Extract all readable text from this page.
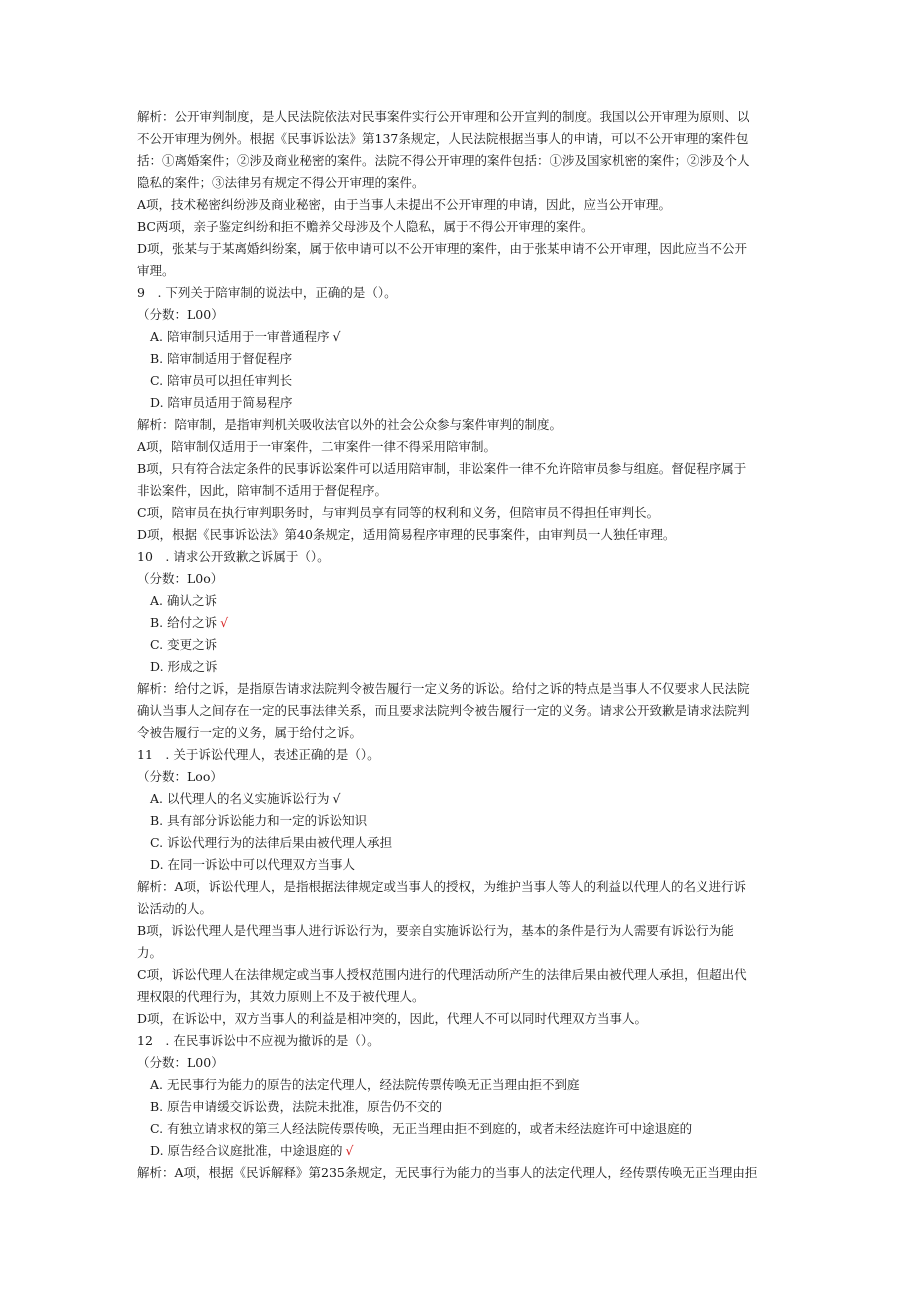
解析：公开审判制度，是人民法院依法对民事案件实行公开审理和公开宣判的制度。我国以公开审理为原则、以
不公开审理为例外。根据《民事诉讼法》第137条规定，人民法院根据当事人的申请，可以不公开审理的案件包
括：①离婚案件；②涉及商业秘密的案件。法院不得公开审理的案件包括：①涉及国家机密的案件；②涉及个人
隐私的案件；③法律另有规定不得公开审理的案件。
A项，技术秘密纠纷涉及商业秘密，由于当事人未提出不公开审理的申请，因此，应当公开审理。
BC两项，亲子鉴定纠纷和拒不赡养父母涉及个人隐私，属于不得公开审理的案件。
D项，张某与于某离婚纠纷案，属于依申请可以不公开审理的案件，由于张某申请不公开审理，因此应当不公开
审理。
9　. 下列关于陪审制的说法中，正确的是（）。
（分数：L00）
A. 陪审制只适用于一审普通程序 √
B. 陪审制适用于督促程序
C. 陪审员可以担任审判长
D. 陪审员适用于简易程序
解析：陪审制，是指审判机关吸收法官以外的社会公众参与案件审判的制度。
A项，陪审制仅适用于一审案件，二审案件一律不得采用陪审制。
B项，只有符合法定条件的民事诉讼案件可以适用陪审制，非讼案件一律不允许陪审员参与组庭。督促程序属于
非讼案件，因此，陪审制不适用于督促程序。
C项，陪审员在执行审判职务时，与审判员享有同等的权利和义务，但陪审员不得担任审判长。
D项，根据《民事诉讼法》第40条规定，适用简易程序审理的民事案件，由审判员一人独任审理。
10　. 请求公开致歉之诉属于（）。
（分数：L0o）
A. 确认之诉
B. 给付之诉 √
C. 变更之诉
D. 形成之诉
解析：给付之诉，是指原告请求法院判令被告履行一定义务的诉讼。给付之诉的特点是当事人不仅要求人民法院
确认当事人之间存在一定的民事法律关系，而且要求法院判令被告履行一定的义务。请求公开致歉是请求法院判
令被告履行一定的义务，属于给付之诉。
11　. 关于诉讼代理人，表述正确的是（）。
（分数：Loo）
A. 以代理人的名义实施诉讼行为 √
B. 具有部分诉讼能力和一定的诉讼知识
C. 诉讼代理行为的法律后果由被代理人承担
D. 在同一诉讼中可以代理双方当事人
解析：A项，诉讼代理人，是指根据法律规定或当事人的授权，为维护当事人等人的利益以代理人的名义进行诉
讼活动的人。
B项，诉讼代理人是代理当事人进行诉讼行为，要亲自实施诉讼行为，基本的条件是行为人需要有诉讼行为能
力。
C项，诉讼代理人在法律规定或当事人授权范围内进行的代理活动所产生的法律后果由被代理人承担，但超出代
理权限的代理行为，其效力原则上不及于被代理人。
D项，在诉讼中，双方当事人的利益是相冲突的，因此，代理人不可以同时代理双方当事人。
12　. 在民事诉讼中不应视为撤诉的是（）。
（分数：L00）
A. 无民事行为能力的原告的法定代理人，经法院传票传唤无正当理由拒不到庭
B. 原告申请缓交诉讼费，法院未批准，原告仍不交的
C. 有独立请求权的第三人经法院传票传唤，无正当理由拒不到庭的，或者未经法庭许可中途退庭的
D. 原告经合议庭批准，中途退庭的 √
解析：A项，根据《民诉解释》第235条规定，无民事行为能力的当事人的法定代理人，经传票传唤无正当理由拒
